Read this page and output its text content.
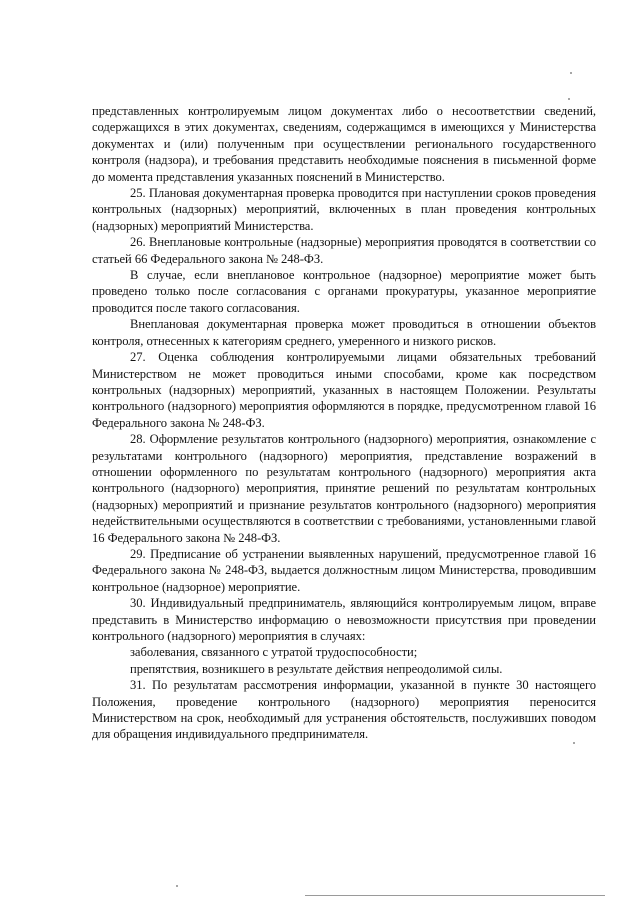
представленных контролируемым лицом документах либо о несоответствии сведений, содержащихся в этих документах, сведениям, содержащимся в имеющихся у Министерства документах и (или) полученным при осуществлении регионального государственного контроля (надзора), и требования представить необходимые пояснения в письменной форме до момента представления указанных пояснений в Министерство.

25. Плановая документарная проверка проводится при наступлении сроков проведения контрольных (надзорных) мероприятий, включенных в план проведения контрольных (надзорных) мероприятий Министерства.

26. Внеплановые контрольные (надзорные) мероприятия проводятся в соответствии со статьей 66 Федерального закона № 248-ФЗ.

В случае, если внеплановое контрольное (надзорное) мероприятие может быть проведено только после согласования с органами прокуратуры, указанное мероприятие проводится после такого согласования.

Внеплановая документарная проверка может проводиться в отношении объектов контроля, отнесенных к категориям среднего, умеренного и низкого рисков.

27. Оценка соблюдения контролируемыми лицами обязательных требований Министерством не может проводиться иными способами, кроме как посредством контрольных (надзорных) мероприятий, указанных в настоящем Положении. Результаты контрольного (надзорного) мероприятия оформляются в порядке, предусмотренном главой 16 Федерального закона № 248-ФЗ.

28. Оформление результатов контрольного (надзорного) мероприятия, ознакомление с результатами контрольного (надзорного) мероприятия, представление возражений в отношении оформленного по результатам контрольного (надзорного) мероприятия акта контрольного (надзорного) мероприятия, принятие решений по результатам контрольных (надзорных) мероприятий и признание результатов контрольного (надзорного) мероприятия недействительными осуществляются в соответствии с требованиями, установленными главой 16 Федерального закона № 248-ФЗ.

29. Предписание об устранении выявленных нарушений, предусмотренное главой 16 Федерального закона № 248-ФЗ, выдается должностным лицом Министерства, проводившим контрольное (надзорное) мероприятие.

30. Индивидуальный предприниматель, являющийся контролируемым лицом, вправе представить в Министерство информацию о невозможности присутствия при проведении контрольного (надзорного) мероприятия в случаях:

заболевания, связанного с утратой трудоспособности;

препятствия, возникшего в результате действия непреодолимой силы.

31. По результатам рассмотрения информации, указанной в пункте 30 настоящего Положения, проведение контрольного (надзорного) мероприятия переносится Министерством на срок, необходимый для устранения обстоятельств, послуживших поводом для обращения индивидуального предпринимателя.
